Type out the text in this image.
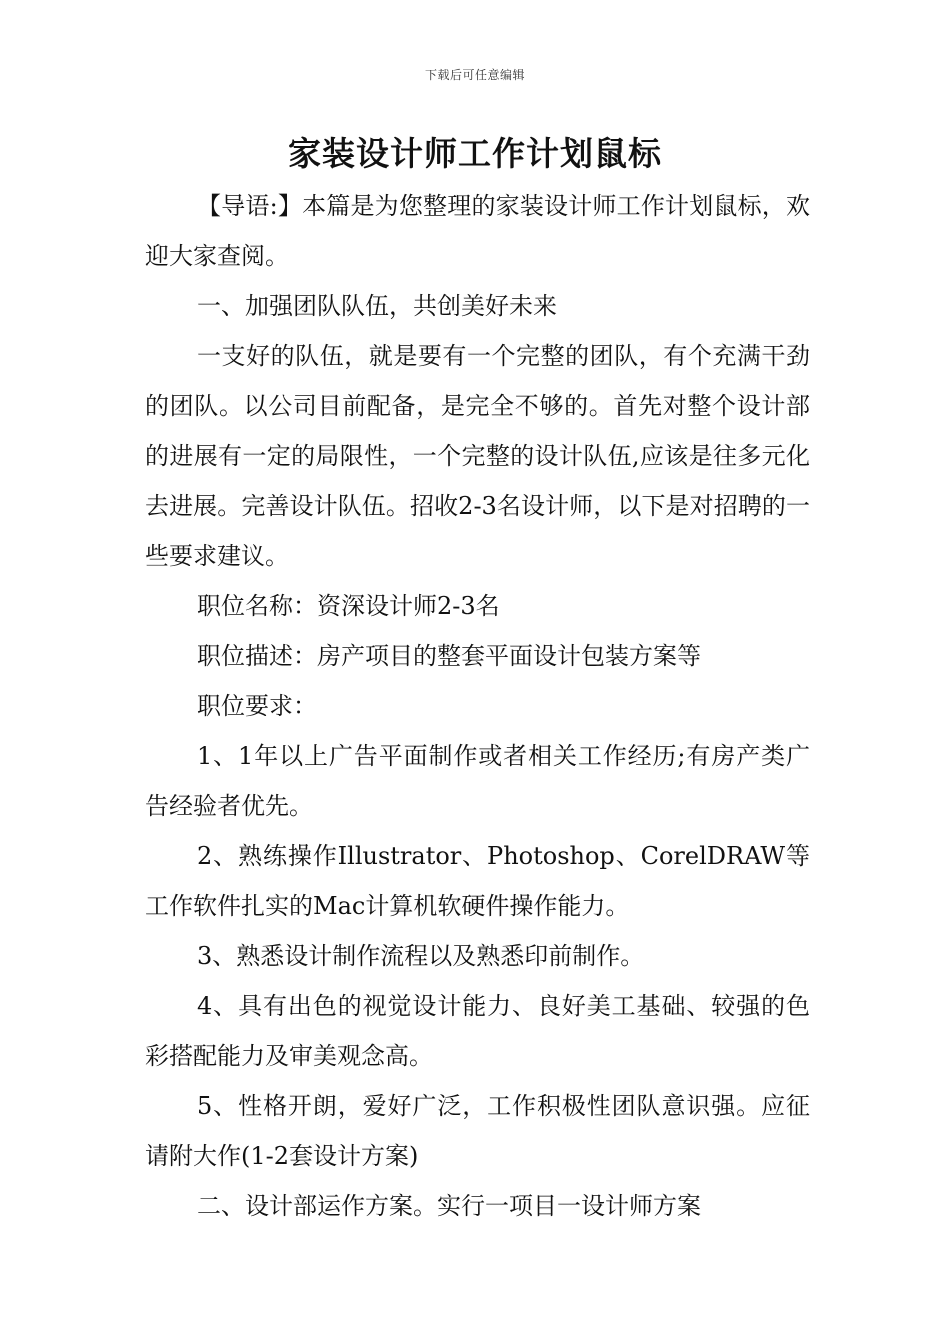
下载后可任意编辑
家装设计师工作计划鼠标

【导语:】本篇是为您整理的家装设计师工作计划鼠标，欢迎大家查阅。

一、加强团队队伍，共创美好未来

一支好的队伍，就是要有一个完整的团队，有个充满干劲的团队。以公司目前配备，是完全不够的。首先对整个设计部的进展有一定的局限性，一个完整的设计队伍,应该是往多元化去进展。完善设计队伍。招收2-3名设计师，以下是对招聘的一些要求建议。

职位名称：资深设计师2-3名

职位描述：房产项目的整套平面设计包装方案等

职位要求：

1、1年以上广告平面制作或者相关工作经历;有房产类广告经验者优先。

2、熟练操作Illustrator、Photoshop、CorelDRAW等工作软件扎实的Mac计算机软硬件操作能力。

3、熟悉设计制作流程以及熟悉印前制作。

4、具有出色的视觉设计能力、良好美工基础、较强的色彩搭配能力及审美观念高。

5、性格开朗，爱好广泛，工作积极性团队意识强。应征请附大作(1-2套设计方案)

二、设计部运作方案。实行一项目一设计师方案
